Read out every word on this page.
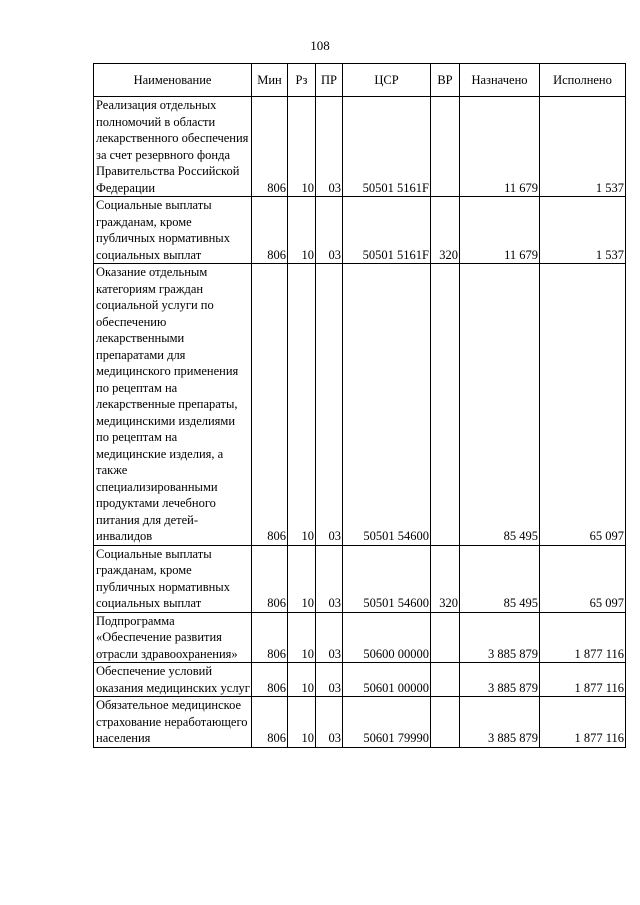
108
Наименование	Мин	Рз	ПР	ЦСР	ВР	Назначено	Исполнено
Реализация отдельных полномочий в области лекарственного обеспечения за счет резервного фонда Правительства Российской Федерации	806	10	03	50501 5161F		11 679	1 537
Социальные выплаты гражданам, кроме публичных нормативных социальных выплат	806	10	03	50501 5161F	320	11 679	1 537
Оказание отдельным категориям граждан социальной услуги по обеспечению лекарственными препаратами для медицинского применения по рецептам на лекарственные препараты, медицинскими изделиями по рецептам на медицинские изделия, а также специализированными продуктами лечебного питания для детей-инвалидов	806	10	03	50501 54600		85 495	65 097
Социальные выплаты гражданам, кроме публичных нормативных социальных выплат	806	10	03	50501 54600	320	85 495	65 097
Подпрограмма «Обеспечение развития отрасли здравоохранения»	806	10	03	50600 00000		3 885 879	1 877 116
Обеспечение условий оказания медицинских услуг	806	10	03	50601 00000		3 885 879	1 877 116
Обязательное медицинское страхование неработающего населения	806	10	03	50601 79990		3 885 879	1 877 116
